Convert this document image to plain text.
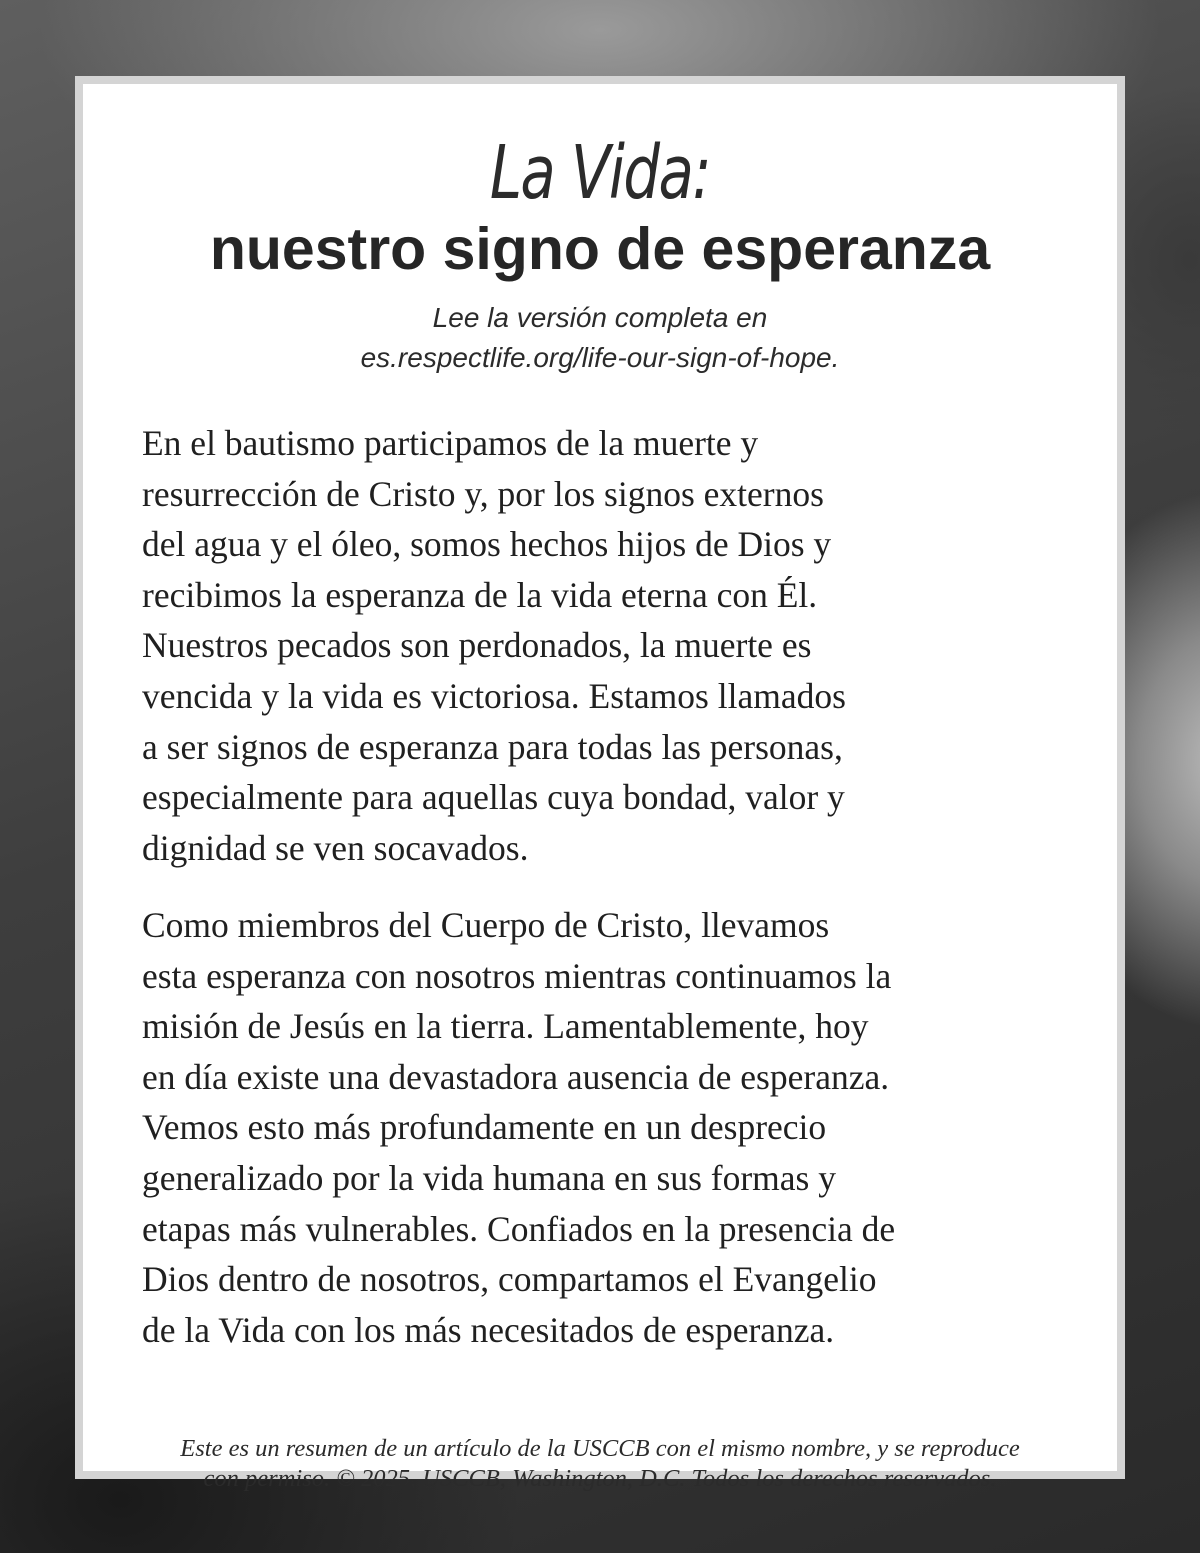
La Vida:
nuestro signo de esperanza
Lee la versión completa en
es.respectlife.org/life-our-sign-of-hope.

En el bautismo participamos de la muerte y
resurrección de Cristo y, por los signos externos
del agua y el óleo, somos hechos hijos de Dios y
recibimos la esperanza de la vida eterna con Él.
Nuestros pecados son perdonados, la muerte es
vencida y la vida es victoriosa. Estamos llamados
a ser signos de esperanza para todas las personas,
especialmente para aquellas cuya bondad, valor y
dignidad se ven socavados.

Como miembros del Cuerpo de Cristo, llevamos
esta esperanza con nosotros mientras continuamos la
misión de Jesús en la tierra. Lamentablemente, hoy
en día existe una devastadora ausencia de esperanza.
Vemos esto más profundamente en un desprecio
generalizado por la vida humana en sus formas y
etapas más vulnerables. Confiados en la presencia de
Dios dentro de nosotros, compartamos el Evangelio
de la Vida con los más necesitados de esperanza.

Este es un resumen de un artículo de la USCCB con el mismo nombre, y se reproduce
con permiso. © 2025, USCCB, Washington, D.C. Todos los derechos reservados.
